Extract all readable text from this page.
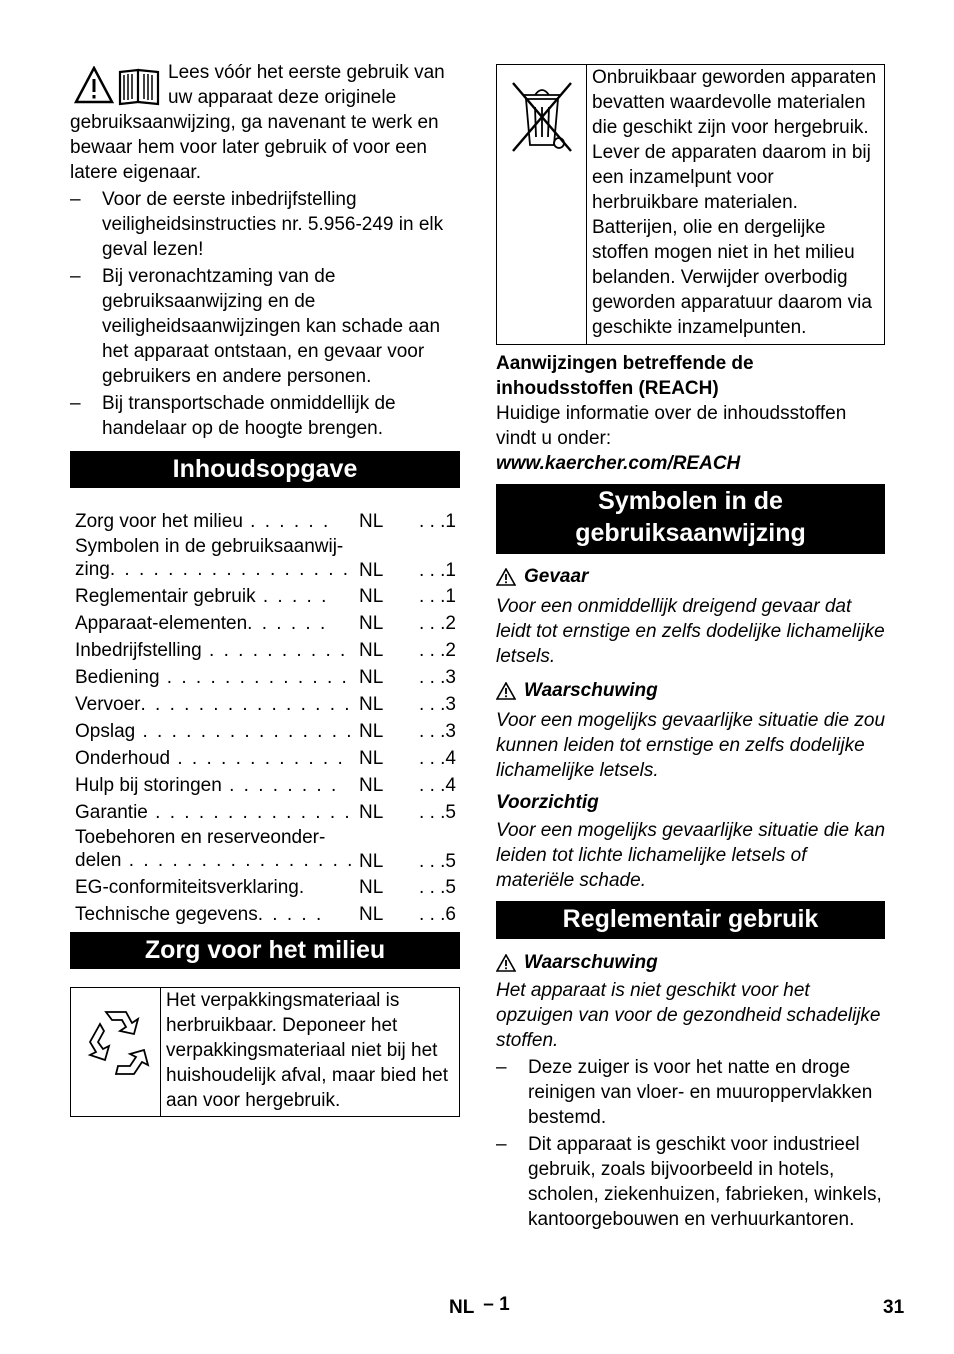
Lees vóór het eerste gebruik van uw apparaat deze originele gebruiksaanwijzing, ga navenant te werk en bewaar hem voor later gebruik of voor een latere eigenaar.

– Voor de eerste inbedrijfstelling veiligheidsinstructies nr. 5.956-249 in elk geval lezen!
– Bij veronachtzaming van de gebruiksaanwijzing en de veiligheidsaanwijzingen kan schade aan het apparaat ontstaan, en gevaar voor gebruikers en andere personen.
– Bij transportschade onmiddellijk de handelaar op de hoogte brengen.
Inhoudsopgave
Zorg voor het milieu . . . . . .	NL	. . .1
Symbolen in de gebruiksaanwij-
zing. . . . . . . . . . . . . . . . . NL	. . .1
Reglementair gebruik . . . . .	NL	. . .1
Apparaat-elementen. . . . . .	NL	. . .2
Inbedrijfstelling . . . . . . . . . . NL	. . .2
Bediening . . . . . . . . . . . . . NL	. . .3
Vervoer. . . . . . . . . . . . . . . NL	. . .3
Opslag . . . . . . . . . . . . . . . NL	. . .3
Onderhoud . . . . . . . . . . . . NL	. . .4
Hulp bij storingen . . . . . . . .	NL	. . .4
Garantie . . . . . . . . . . . . . . NL	. . .5
Toebehoren en reserveonder-
delen . . . . . . . . . . . . . . . . NL	. . .5
EG-conformiteitsverklaring.	NL	. . .5
Technische gegevens. . . . .	NL	. . .6
Zorg voor het milieu
Het verpakkingsmateriaal is herbruikbaar. Deponeer het verpakkingsmateriaal niet bij het huishoudelijk afval, maar bied het aan voor hergebruik.
Onbruikbaar geworden apparaten bevatten waardevolle materialen die geschikt zijn voor hergebruik. Lever de apparaten daarom in bij een inzamelpunt voor herbruikbare materialen. Batterijen, olie en dergelijke stoffen mogen niet in het milieu belanden. Verwijder overbodig geworden apparatuur daarom via geschikte inzamelpunten.

Aanwijzingen betreffende de inhoudsstoffen (REACH)

Huidige informatie over de inhoudsstoffen vindt u onder:

www.kaercher.com/REACH

Symbolen in de gebruiksaanwijzing
Gevaar

Voor een onmiddellijk dreigend gevaar dat leidt tot ernstige en zelfs dodelijke lichamelijke letsels.

Waarschuwing

Voor een mogelijks gevaarlijke situatie die zou kunnen leiden tot ernstige en zelfs dodelijke lichamelijke letsels.

Voorzichtig

Voor een mogelijks gevaarlijke situatie die kan leiden tot lichte lichamelijke letsels of materiële schade.

Reglementair gebruik
Waarschuwing

Het apparaat is niet geschikt voor het opzuigen van voor de gezondheid schadelijke stoffen.

– Deze zuiger is voor het natte en droge reinigen van vloer- en muuroppervlakken bestemd.
– Dit apparaat is geschikt voor industrieel gebruik, zoals bijvoorbeeld in hotels, scholen, ziekenhuizen, fabrieken, winkels, kantoorgebouwen en verhuurkantoren.
NL – 1	31
